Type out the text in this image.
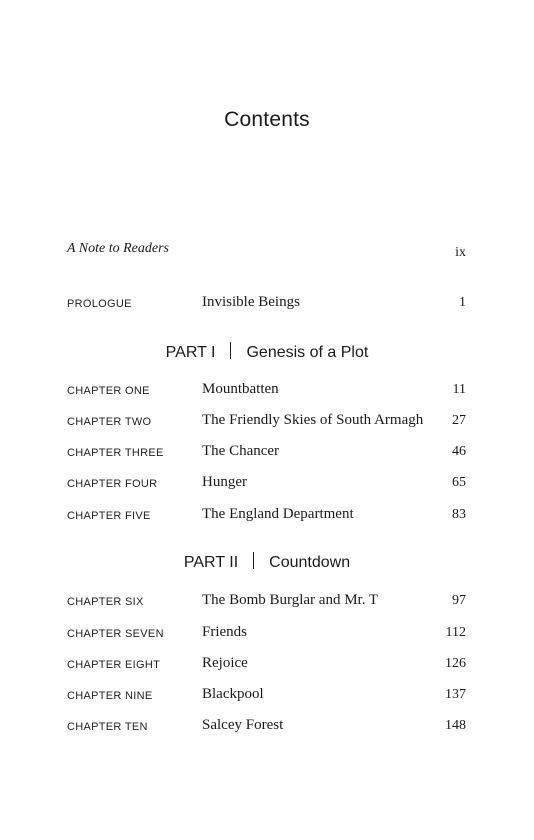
Contents
A Note to Readers	ix
PROLOGUE	Invisible Beings	1
PART I Genesis of a Plot
CHAPTER ONE	Mountbatten	11
CHAPTER TWO	The Friendly Skies of South Armagh 27
CHAPTER THREE	The Chancer	46
CHAPTER FOUR	Hunger	65
CHAPTER FIVE	The England Department	83
PART II Countdown
CHAPTER SIX	The Bomb Burglar and Mr. T	97
CHAPTER SEVEN	Friends	112
CHAPTER EIGHT	Rejoice	126
CHAPTER NINE	Blackpool	137
CHAPTER TEN	Salcey Forest	148
